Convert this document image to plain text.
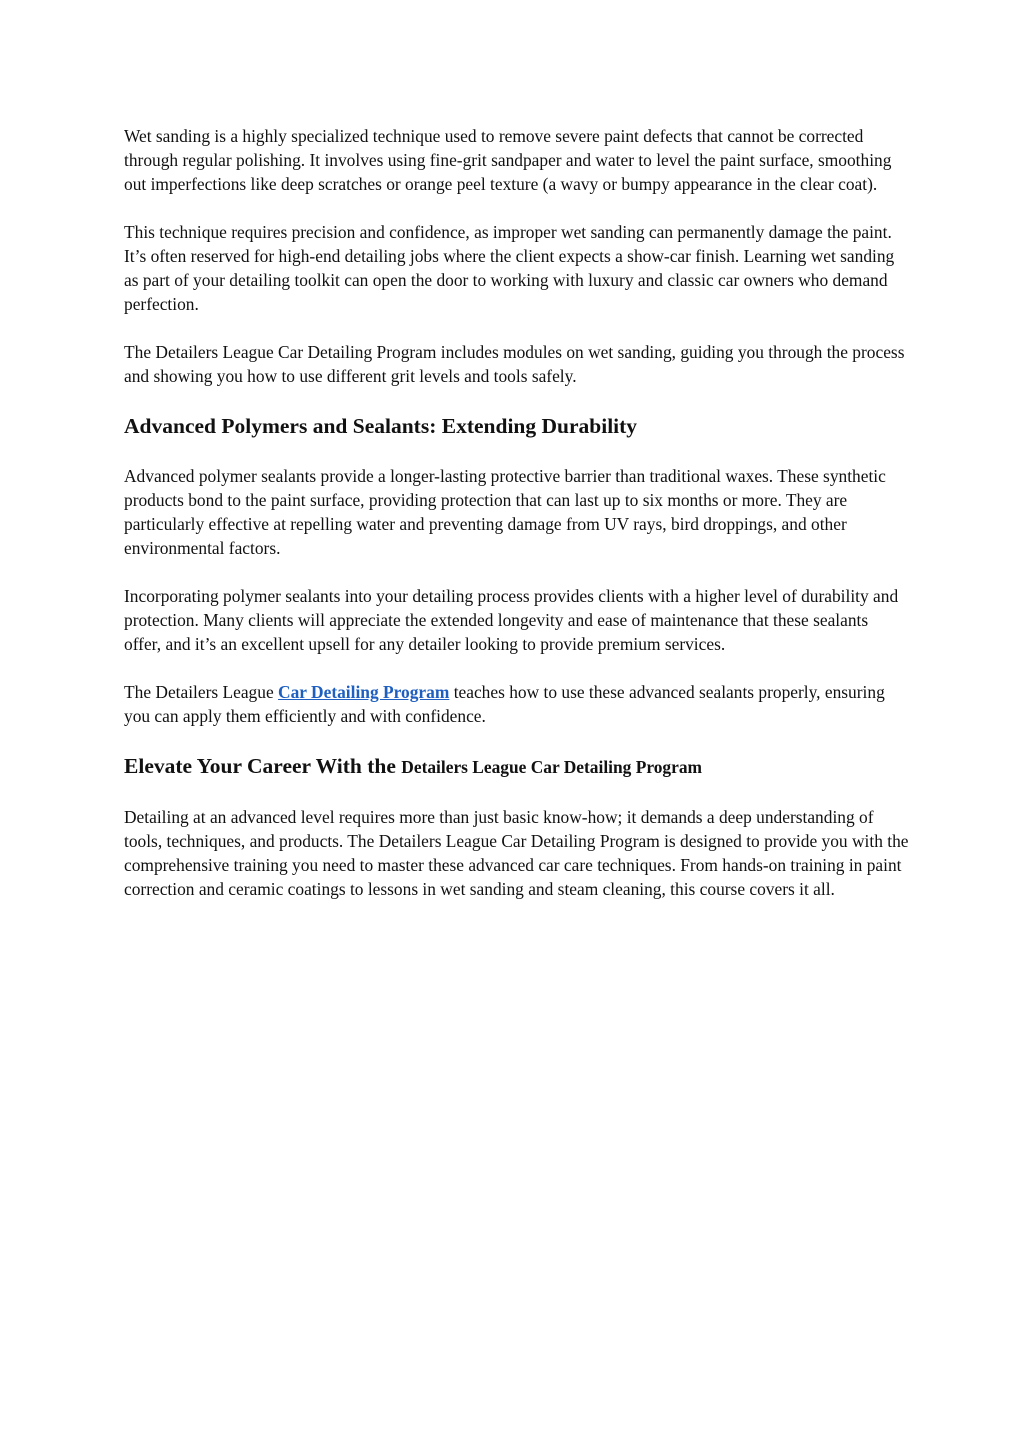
Wet sanding is a highly specialized technique used to remove severe paint defects that cannot be corrected through regular polishing. It involves using fine-grit sandpaper and water to level the paint surface, smoothing out imperfections like deep scratches or orange peel texture (a wavy or bumpy appearance in the clear coat).

This technique requires precision and confidence, as improper wet sanding can permanently damage the paint. It’s often reserved for high-end detailing jobs where the client expects a show-car finish. Learning wet sanding as part of your detailing toolkit can open the door to working with luxury and classic car owners who demand perfection.

The Detailers League Car Detailing Program includes modules on wet sanding, guiding you through the process and showing you how to use different grit levels and tools safely.

Advanced Polymers and Sealants: Extending Durability

Advanced polymer sealants provide a longer-lasting protective barrier than traditional waxes. These synthetic products bond to the paint surface, providing protection that can last up to six months or more. They are particularly effective at repelling water and preventing damage from UV rays, bird droppings, and other environmental factors.

Incorporating polymer sealants into your detailing process provides clients with a higher level of durability and protection. Many clients will appreciate the extended longevity and ease of maintenance that these sealants offer, and it’s an excellent upsell for any detailer looking to provide premium services.

The Detailers League Car Detailing Program teaches how to use these advanced sealants properly, ensuring you can apply them efficiently and with confidence.

Elevate Your Career With the Detailers League Car Detailing Program

Detailing at an advanced level requires more than just basic know-how; it demands a deep understanding of tools, techniques, and products. The Detailers League Car Detailing Program is designed to provide you with the comprehensive training you need to master these advanced car care techniques. From hands-on training in paint correction and ceramic coatings to lessons in wet sanding and steam cleaning, this course covers it all.
